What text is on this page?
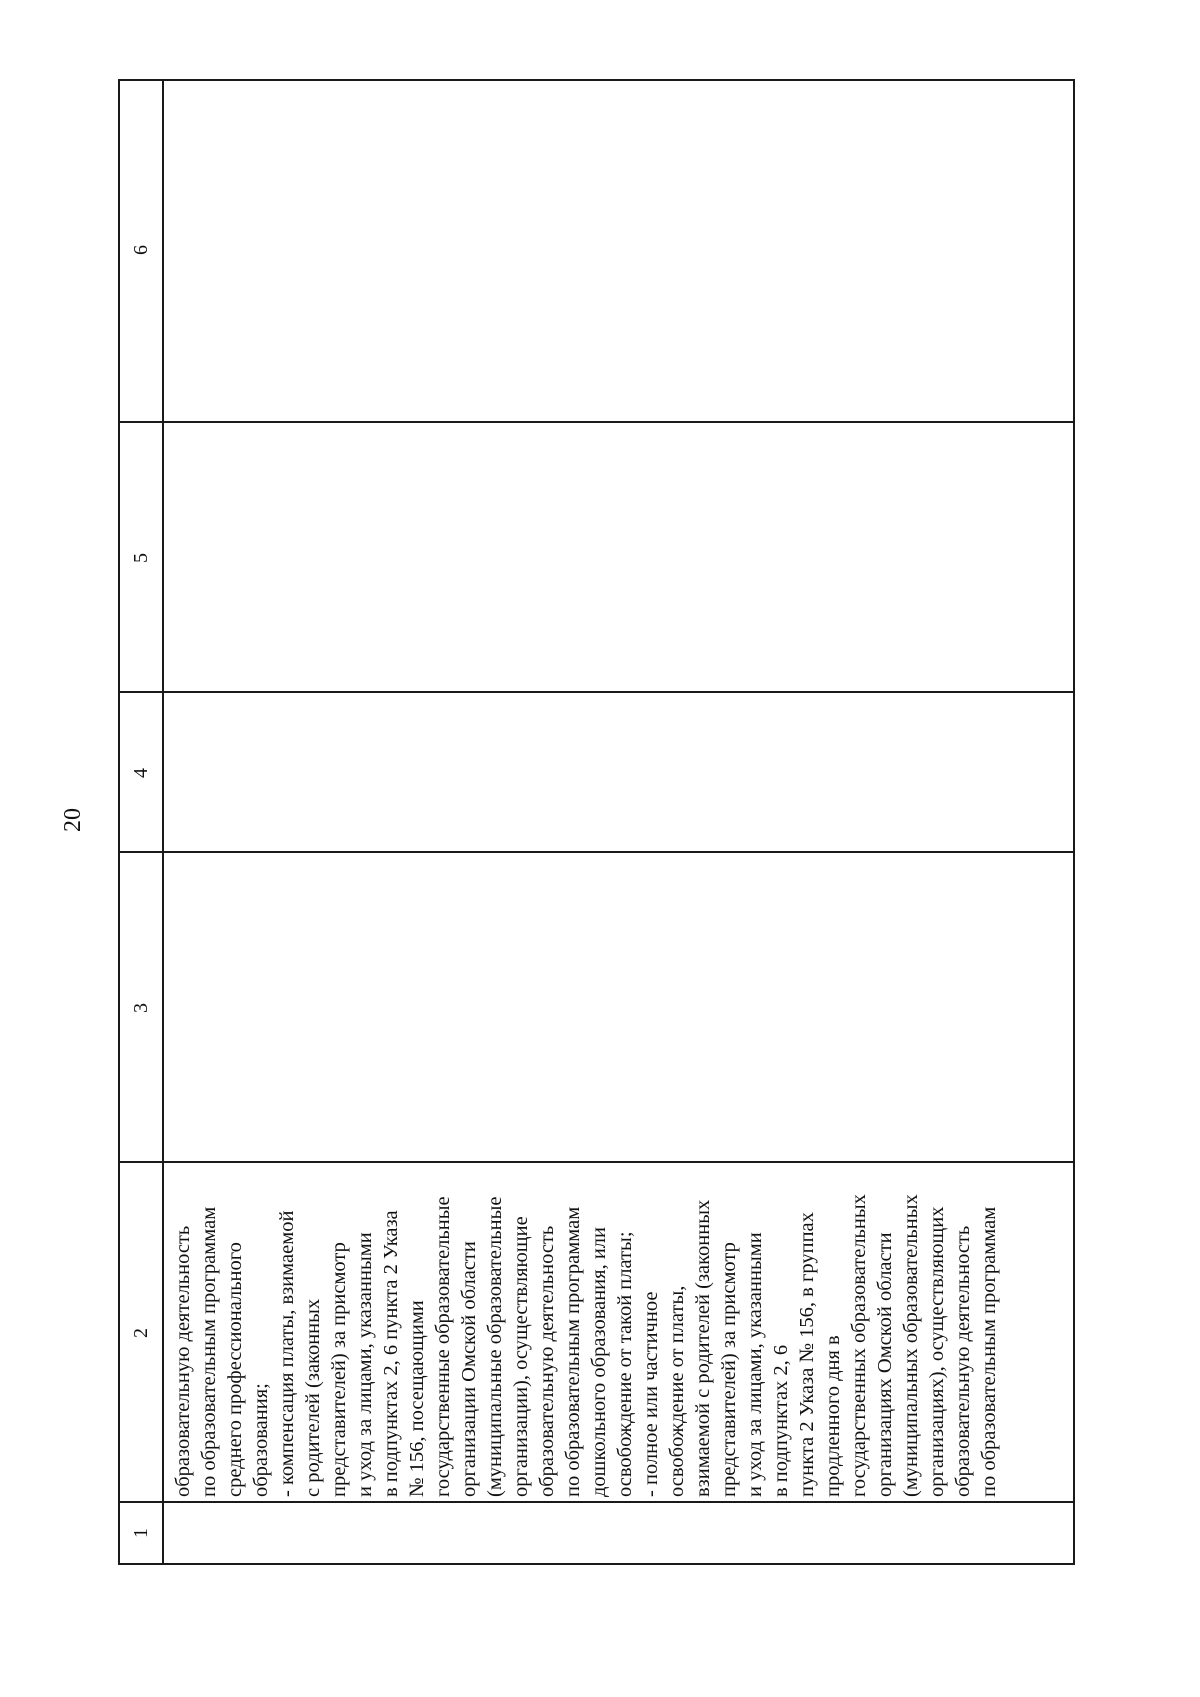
20
1
2
3
4
5
6
образовательную деятельность по образовательным программам среднего профессионального образования; - компенсация платы, взимаемой с родителей (законных представителей) за присмотр и уход за лицами, указанными в подпунктах 2, 6 пункта 2 Указа № 156, посещающими государственные образовательные организации Омской области (муниципальные образовательные организации), осуществляющие образовательную деятельность по образовательным программам дошкольного образования, или освобождение от такой платы; - полное или частичное освобождение от платы, взимаемой с родителей (законных представителей) за присмотр и уход за лицами, указанными в подпунктах 2, 6 пункта 2 Указа № 156, в группах продленного дня в государственных образовательных организациях Омской области (муниципальных образовательных организациях), осуществляющих образовательную деятельность по образовательным программам
